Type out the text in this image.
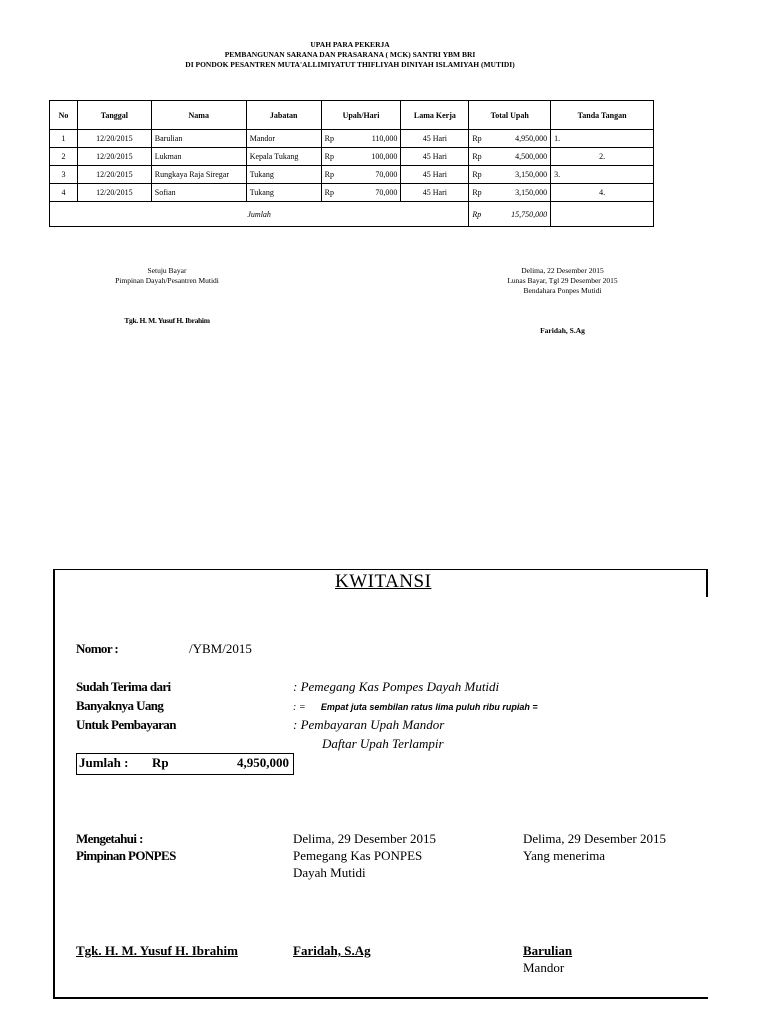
UPAH PARA PEKERJA
PEMBANGUNAN SARANA DAN PRASARANA ( MCK) SANTRI YBM BRI
DI PONDOK PESANTREN MUTA'ALLIMIYATUT THIFLIYAH DINIYAH ISLAMIYAH (MUTIDI)
No	Tanggal	Nama	Jabatan	Upah/Hari	Lama Kerja	Total Upah	Tanda Tangan
1	12/20/2015	Barulian	Mandor	Rp 110,000	45 Hari	Rp 4,950,000	1.
2	12/20/2015	Lukman	Kepala Tukang	Rp 100,000	45 Hari	Rp 4,500,000	2.
3	12/20/2015	Rungkaya Raja Siregar	Tukang	Rp 70,000	45 Hari	Rp 3,150,000	3.
4	12/20/2015	Sofian	Tukang	Rp 70,000	45 Hari	Rp 3,150,000	4.
Jumlah						Rp 15,750,000	

Setuju Bayar
Pimpinan Dayah/Pesantren Mutidi
Tgk. H. M. Yusuf H. Ibrahim
Delima, 22 Desember 2015
Lunas Bayar, Tgl 29 Desember 2015
Bendahara Ponpes Mutidi
Faridah, S.Ag
KWITANSI
Nomor :	/YBM/2015
Sudah Terima dari	: Pemegang Kas Pompes Dayah Mutidi
Banyaknya Uang	: = Empat juta sembilan ratus lima puluh ribu rupiah =
Untuk Pembayaran	: Pembayaran Upah Mandor
Daftar Upah Terlampir
Jumlah : Rp	4,950,000
Mengetahui :
Pimpinan PONPES
Delima, 29 Desember 2015
Pemegang Kas PONPES
Dayah Mutidi
Delima, 29 Desember 2015
Yang menerima
Tgk. H. M. Yusuf H. Ibrahim	Faridah, S.Ag	Barulian
Mandor
